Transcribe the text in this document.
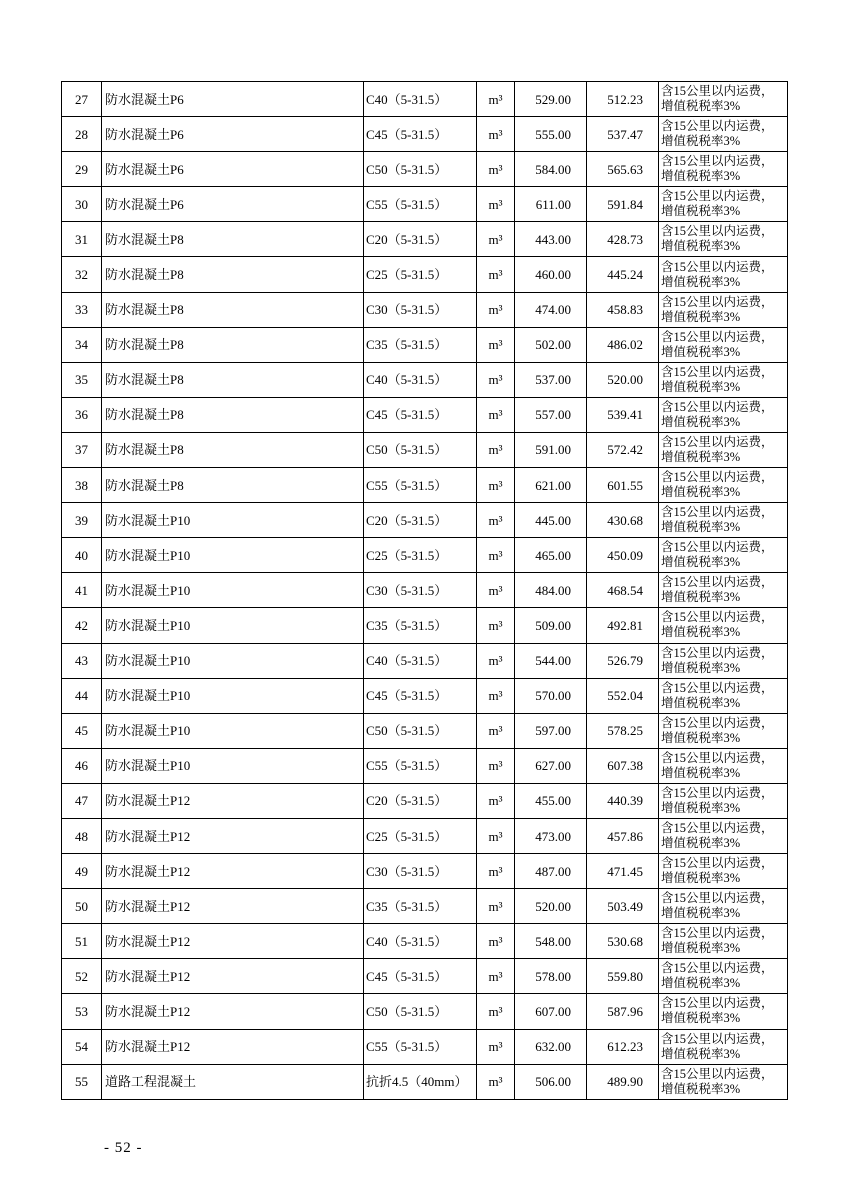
27	防水混凝土P6	C40（5-31.5）	m³	529.00	512.23	含15公里以内运费，
增值税税率3%

28	防水混凝土P6	C45（5-31.5）	m³	555.00	537.47	含15公里以内运费，
增值税税率3%

29	防水混凝土P6	C50（5-31.5）	m³	584.00	565.63	含15公里以内运费，
增值税税率3%

30	防水混凝土P6	C55（5-31.5）	m³	611.00	591.84	含15公里以内运费，
增值税税率3%

31	防水混凝土P8	C20（5-31.5）	m³	443.00	428.73	含15公里以内运费，
增值税税率3%

32	防水混凝土P8	C25（5-31.5）	m³	460.00	445.24	含15公里以内运费，
增值税税率3%

33	防水混凝土P8	C30（5-31.5）	m³	474.00	458.83	含15公里以内运费，
增值税税率3%

34	防水混凝土P8	C35（5-31.5）	m³	502.00	486.02	含15公里以内运费，
增值税税率3%

35	防水混凝土P8	C40（5-31.5）	m³	537.00	520.00	含15公里以内运费，
增值税税率3%

36	防水混凝土P8	C45（5-31.5）	m³	557.00	539.41	含15公里以内运费，
增值税税率3%

37	防水混凝土P8	C50（5-31.5）	m³	591.00	572.42	含15公里以内运费，
增值税税率3%

38	防水混凝土P8	C55（5-31.5）	m³	621.00	601.55	含15公里以内运费，
增值税税率3%

39	防水混凝土P10	C20（5-31.5）	m³	445.00	430.68	含15公里以内运费，
增值税税率3%

40	防水混凝土P10	C25（5-31.5）	m³	465.00	450.09	含15公里以内运费，
增值税税率3%

41	防水混凝土P10	C30（5-31.5）	m³	484.00	468.54	含15公里以内运费，
增值税税率3%

42	防水混凝土P10	C35（5-31.5）	m³	509.00	492.81	含15公里以内运费，
增值税税率3%

43	防水混凝土P10	C40（5-31.5）	m³	544.00	526.79	含15公里以内运费，
增值税税率3%

44	防水混凝土P10	C45（5-31.5）	m³	570.00	552.04	含15公里以内运费，
增值税税率3%

45	防水混凝土P10	C50（5-31.5）	m³	597.00	578.25	含15公里以内运费，
增值税税率3%

46	防水混凝土P10	C55（5-31.5）	m³	627.00	607.38	含15公里以内运费，
增值税税率3%

47	防水混凝土P12	C20（5-31.5）	m³	455.00	440.39	含15公里以内运费，
增值税税率3%

48	防水混凝土P12	C25（5-31.5）	m³	473.00	457.86	含15公里以内运费，
增值税税率3%

49	防水混凝土P12	C30（5-31.5）	m³	487.00	471.45	含15公里以内运费，
增值税税率3%

50	防水混凝土P12	C35（5-31.5）	m³	520.00	503.49	含15公里以内运费，
增值税税率3%

51	防水混凝土P12	C40（5-31.5）	m³	548.00	530.68	含15公里以内运费，
增值税税率3%

52	防水混凝土P12	C45（5-31.5）	m³	578.00	559.80	含15公里以内运费，
增值税税率3%

53	防水混凝土P12	C50（5-31.5）	m³	607.00	587.96	含15公里以内运费，
增值税税率3%

54	防水混凝土P12	C55（5-31.5）	m³	632.00	612.23	含15公里以内运费，
增值税税率3%

55	道路工程混凝土	抗折4.5（40mm）	m³	506.00	489.90	含15公里以内运费，
增值税税率3%
- 52 -
